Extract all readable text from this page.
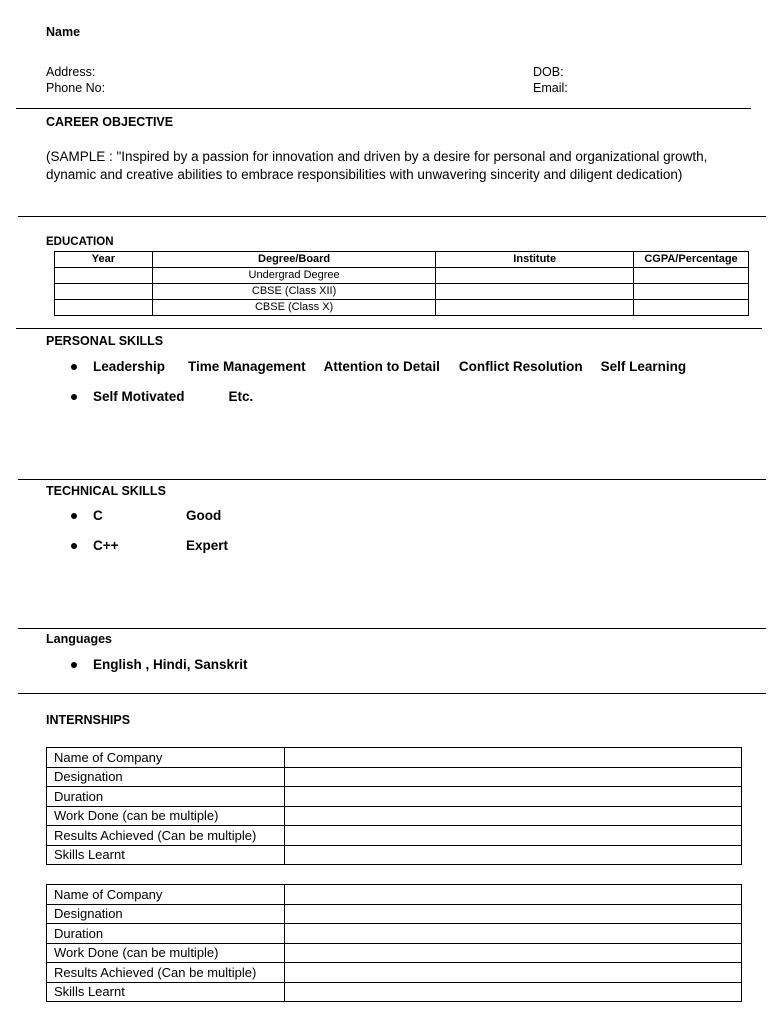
Name
Address:
Phone No:
DOB:
Email:
CAREER OBJECTIVE
(SAMPLE : "Inspired by a passion for innovation and driven by a desire for personal and organizational growth,
dynamic and creative abilities to embrace responsibilities with unwavering sincerity and diligent dedication)
EDUCATION
Year	Degree/Board	Institute	CGPA/Percentage
	Undergrad Degree		
	CBSE (Class XII)		
	CBSE (Class X)		
PERSONAL SKILLS
Leadership Time Management Attention to Detail Conflict Resolution Self Learning
Self Motivated	Etc.
TECHNICAL SKILLS
C	Good
C++	Expert
Languages
English , Hindi, Sanskrit
INTERNSHIPS
Name of Company	
Designation	
Duration	
Work Done (can be multiple)	
Results Achieved (Can be multiple)	
Skills Learnt	
Name of Company	
Designation	
Duration	
Work Done (can be multiple)	
Results Achieved (Can be multiple)	
Skills Learnt	
